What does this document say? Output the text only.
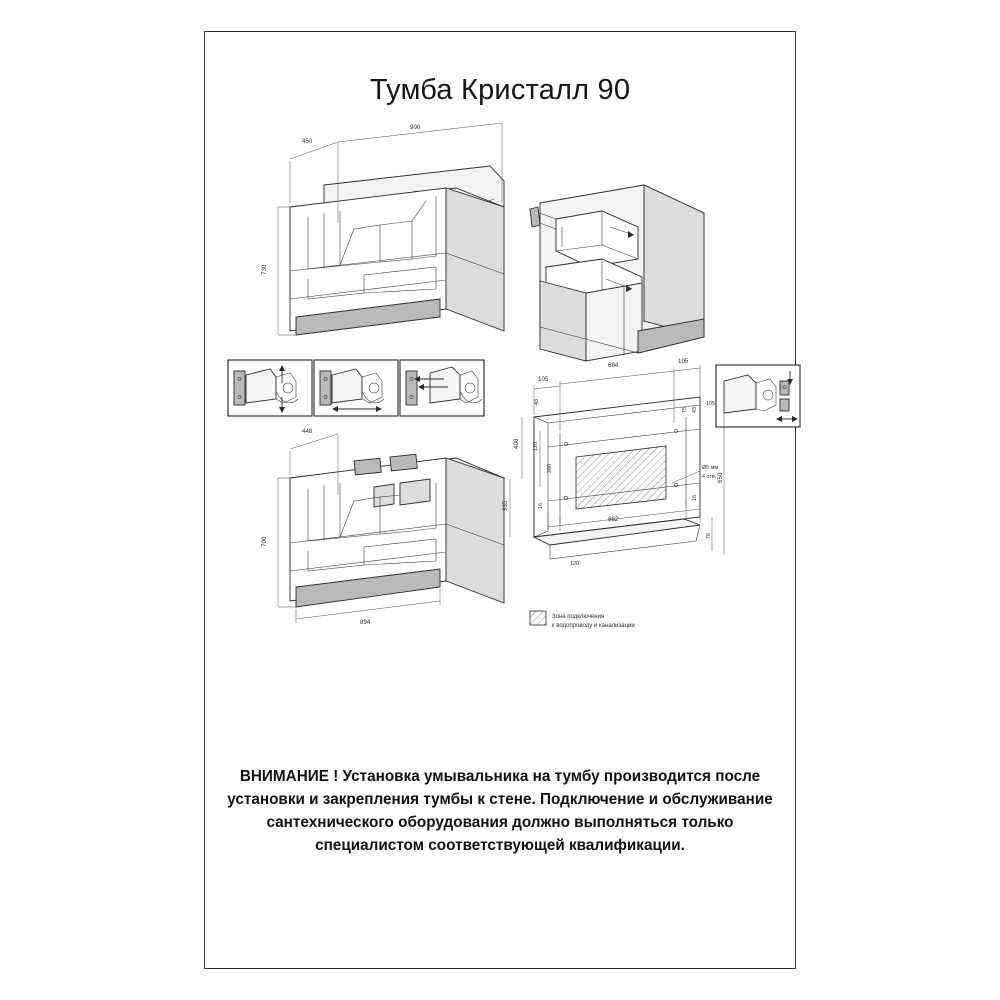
Тумба Кристалл 90
450
900
730
448
700
894
105
684
105
43	105
43
75
400 120
280
335	16
862
16
76
650
120
Ø5 мм
4 отв.
Зона подключения
к водопроводу и канализации
ВНИМАНИЕ ! Установка умывальника на тумбу производится после
установки и закрепления тумбы к стене. Подключение и обслуживание
сантехнического оборудования должно выполняться только
специалистом соответствующей квалификации.
